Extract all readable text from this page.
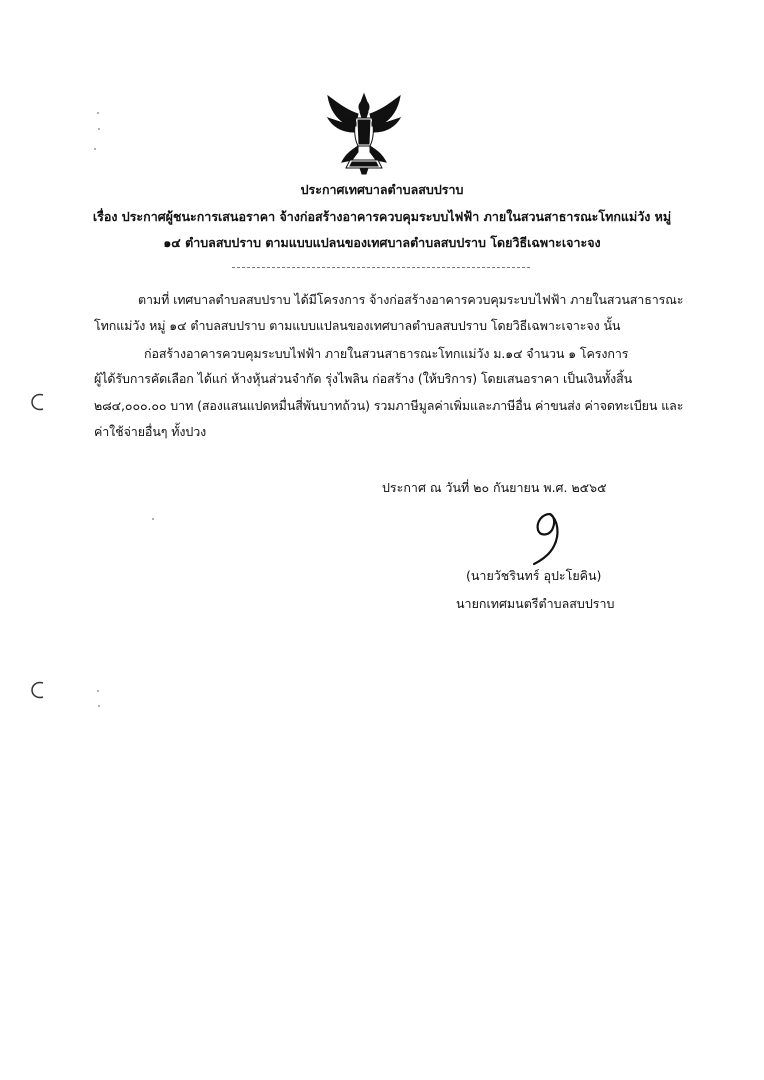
ประกาศเทศบาลตำบลสบปราบ
เรื่อง ประกาศผู้ชนะการเสนอราคา จ้างก่อสร้างอาคารควบคุมระบบไฟฟ้า ภายในสวนสาธารณะโทกแม่วัง หมู่
๑๔ ตำบลสบปราบ ตามแบบแปลนของเทศบาลตำบลสบปราบ โดยวิธีเฉพาะเจาะจง
ตามที่ เทศบาลตำบลสบปราบ ได้มีโครงการ จ้างก่อสร้างอาคารควบคุมระบบไฟฟ้า ภายในสวนสาธารณะ
โทกแม่วัง หมู่ ๑๔ ตำบลสบปราบ ตามแบบแปลนของเทศบาลตำบลสบปราบ โดยวิธีเฉพาะเจาะจง นั้น
ก่อสร้างอาคารควบคุมระบบไฟฟ้า ภายในสวนสาธารณะโทกแม่วัง ม.๑๔ จำนวน ๑ โครงการ
ผู้ได้รับการคัดเลือก ได้แก่ ห้างหุ้นส่วนจำกัด รุ่งไพลิน ก่อสร้าง (ให้บริการ) โดยเสนอราคา เป็นเงินทั้งสิ้น
๒๘๔,๐๐๐.๐๐ บาท (สองแสนแปดหมื่นสี่พันบาทถ้วน) รวมภาษีมูลค่าเพิ่มและภาษีอื่น ค่าขนส่ง ค่าจดทะเบียน และ
ค่าใช้จ่ายอื่นๆ ทั้งปวง
ประกาศ ณ วันที่ ๒๐ กันยายน พ.ศ. ๒๕๖๕
(นายวัชรินทร์ อุปะโยคิน)
นายกเทศมนตรีตำบลสบปราบ
